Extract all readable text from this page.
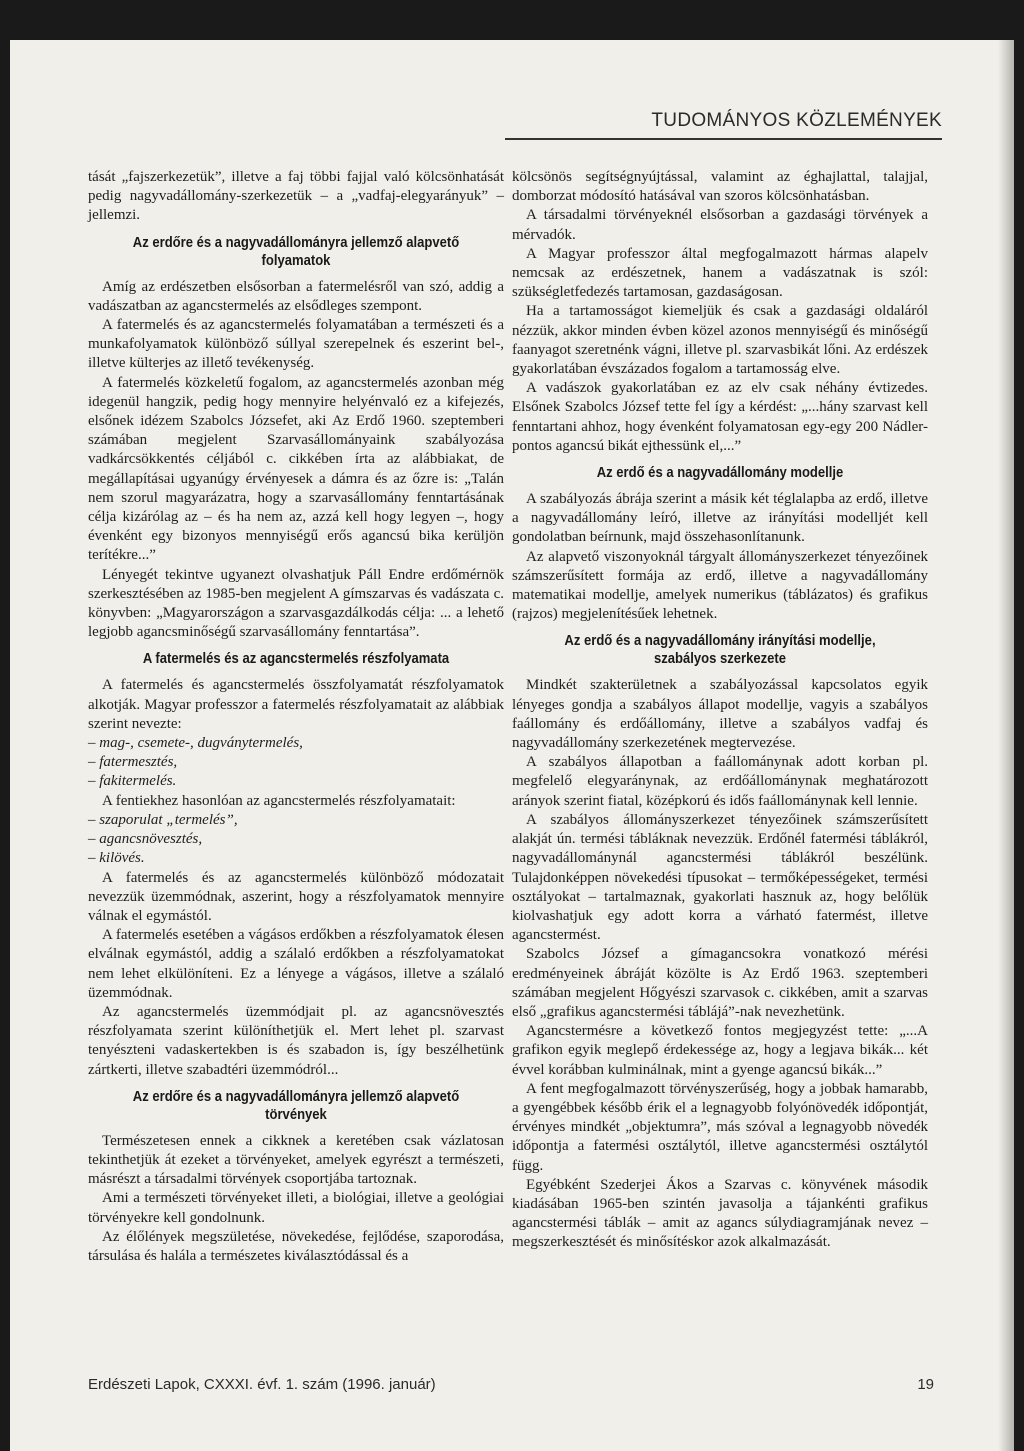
TUDOMÁNYOS KÖZLEMÉNYEK

tását „fajszerkezetük”, illetve a faj többi fajjal való kölcsönhatását pedig nagyvadállomány-szerkezetük – a „vadfaj-elegyarányuk” – jellemzi.

Az erdőre és a nagyvadállományra jellemző alapvető folyamatok

Amíg az erdészetben elsősorban a fatermelésről van szó, addig a vadászatban az agancstermelés az elsődleges szempont.

A fatermelés és az agancstermelés folyamatában a természeti és a munkafolyamatok különböző súllyal szerepelnek és eszerint bel-, illetve külterjes az illető tevékenység.

A fatermelés közkeletű fogalom, az agancstermelés azonban még idegenül hangzik, pedig hogy mennyire helyénvaló ez a kifejezés, elsőnek idézem Szabolcs Józsefet, aki Az Erdő 1960. szeptemberi számában megjelent Szarvasállományaink szabályozása vadkárcsökkentés céljából c. cikkében írta az alábbiakat, de megállapításai ugyanúgy érvényesek a dámra és az őzre is: „Talán nem szorul magyarázatra, hogy a szarvasállomány fenntartásának célja kizárólag az – és ha nem az, azzá kell hogy legyen –, hogy évenként egy bizonyos mennyiségű erős agancsú bika kerüljön terítékre...”

Lényegét tekintve ugyanezt olvashatjuk Páll Endre erdőmérnök szerkesztésében az 1985-ben megjelent A gímszarvas és vadászata c. könyvben: „Magyarországon a szarvasgazdálkodás célja: ... a lehető legjobb agancsminőségű szarvasállomány fenntartása”.

A fatermelés és az agancstermelés részfolyamata

A fatermelés és agancstermelés összfolyamatát részfolyamatok alkotják. Magyar professzor a fatermelés részfolyamatait az alábbiak szerint nevezte:

– mag-, csemete-, dugványtermelés,
– fatermesztés,
– fakitermelés.

A fentiekhez hasonlóan az agancstermelés részfolyamatait:

– szaporulat „termelés”,
– agancsnövesztés,
– kilövés.

A fatermelés és az agancstermelés különböző módozatait nevezzük üzemmódnak, aszerint, hogy a részfolyamatok mennyire válnak el egymástól.

A fatermelés esetében a vágásos erdőkben a részfolyamatok élesen elválnak egymástól, addig a szálaló erdőkben a részfolyamatokat nem lehet elkülöníteni. Ez a lényege a vágásos, illetve a szálaló üzemmódnak.

Az agancstermelés üzemmódjait pl. az agancsnövesztés részfolyamata szerint különíthetjük el. Mert lehet pl. szarvast tenyészteni vadaskertekben is és szabadon is, így beszélhetünk zártkerti, illetve szabadtéri üzemmódról...

Az erdőre és a nagyvadállományra jellemző alapvető törvények

Természetesen ennek a cikknek a keretében csak vázlatosan tekinthetjük át ezeket a törvényeket, amelyek egyrészt a természeti, másrészt a társadalmi törvények csoportjába tartoznak.

Ami a természeti törvényeket illeti, a biológiai, illetve a geológiai törvényekre kell gondolnunk.

Az élőlények megszületése, növekedése, fejlődése, szaporodása, társulása és halála a természetes kiválasztódással és a

kölcsönös segítségnyújtással, valamint az éghajlattal, talajjal, domborzat módosító hatásával van szoros kölcsönhatásban.

A társadalmi törvényeknél elsősorban a gazdasági törvények a mérvadók.

A Magyar professzor által megfogalmazott hármas alapelv nemcsak az erdészetnek, hanem a vadászatnak is szól: szükségletfedezés tartamosan, gazdaságosan.

Ha a tartamosságot kiemeljük és csak a gazdasági oldaláról nézzük, akkor minden évben közel azonos mennyiségű és minőségű faanyagot szeretnénk vágni, illetve pl. szarvasbikát lőni. Az erdészek gyakorlatában évszázados fogalom a tartamosság elve.

A vadászok gyakorlatában ez az elv csak néhány évtizedes. Elsőnek Szabolcs József tette fel így a kérdést: „...hány szarvast kell fenntartani ahhoz, hogy évenként folyamatosan egy-egy 200 Nádler-pontos agancsú bikát ejthessünk el,...”

Az erdő és a nagyvadállomány modellje

A szabályozás ábrája szerint a másik két téglalapba az erdő, illetve a nagyvadállomány leíró, illetve az irányítási modelljét kell gondolatban beírnunk, majd összehasonlítanunk.

Az alapvető viszonyoknál tárgyalt állományszerkezet tényezőinek számszerűsített formája az erdő, illetve a nagyvadállomány matematikai modellje, amelyek numerikus (táblázatos) és grafikus (rajzos) megjelenítésűek lehetnek.

Az erdő és a nagyvadállomány irányítási modellje, szabályos szerkezete

Mindkét szakterületnek a szabályozással kapcsolatos egyik lényeges gondja a szabályos állapot modellje, vagyis a szabályos faállomány és erdőállomány, illetve a szabályos vadfaj és nagyvadállomány szerkezetének megtervezése.

A szabályos állapotban a faállománynak adott korban pl. megfelelő elegyaránynak, az erdőállománynak meghatározott arányok szerint fiatal, középkorú és idős faállománynak kell lennie.

A szabályos állományszerkezet tényezőinek számszerűsített alakját ún. termési tábláknak nevezzük. Erdőnél fatermési táblákról, nagyvadállománynál agancstermési táblákról beszélünk. Tulajdonképpen növekedési típusokat – termőképességeket, termési osztályokat – tartalmaznak, gyakorlati hasznuk az, hogy belőlük kiolvashatjuk egy adott korra a várható fatermést, illetve agancstermést.

Szabolcs József a gímagancsokra vonatkozó mérési eredményeinek ábráját közölte is Az Erdő 1963. szeptemberi számában megjelent Hőgyészi szarvasok c. cikkében, amit a szarvas első „grafikus agancstermési táblájá”-nak nevezhetünk.

Agancstermésre a következő fontos megjegyzést tette: „...A grafikon egyik meglepő érdekessége az, hogy a legjava bikák... két évvel korábban kulminálnak, mint a gyenge agancsú bikák...”

A fent megfogalmazott törvényszerűség, hogy a jobbak hamarabb, a gyengébbek később érik el a legnagyobb folyónövedék időpontját, érvényes mindkét „objektumra”, más szóval a legnagyobb növedék időpontja a fatermési osztálytól, illetve agancstermési osztálytól függ.

Egyébként Szederjei Ákos a Szarvas c. könyvének második kiadásában 1965-ben szintén javasolja a tájankénti grafikus agancstermési táblák – amit az agancs súlydiagramjának nevez – megszerkesztését és minősítéskor azok alkalmazását.

Erdészeti Lapok, CXXXI. évf. 1. szám (1996. január)	19
